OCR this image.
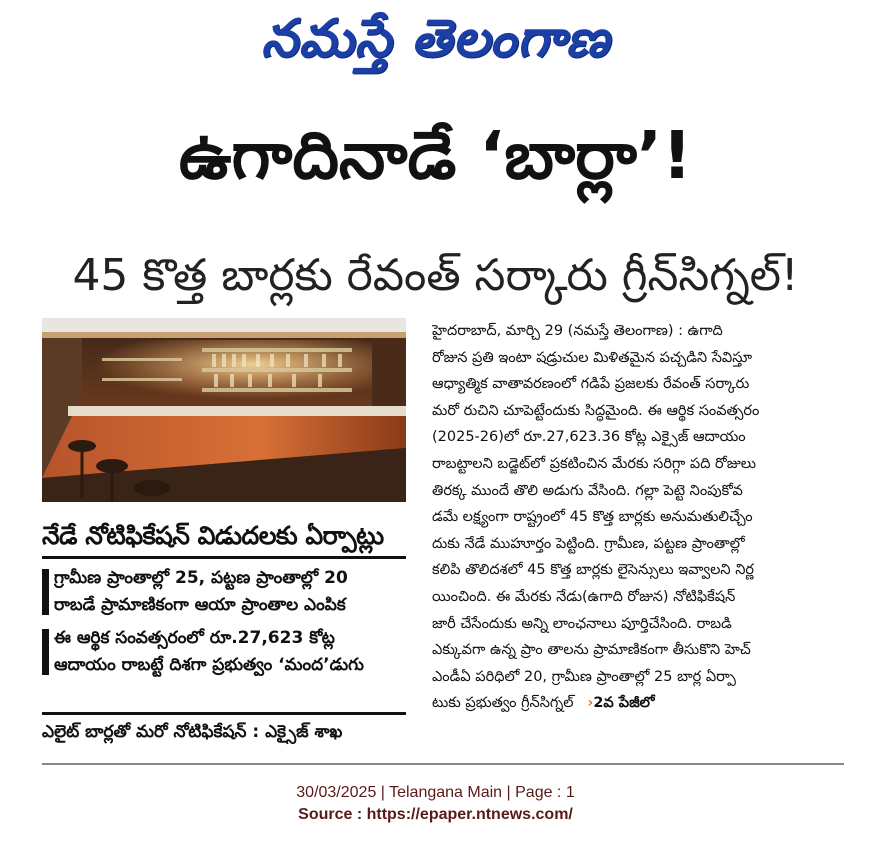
నమస్తే తెలంగాణ
ఉగాదినాడే ‘బార్లా’!
45 కొత్త బార్లకు రేవంత్ సర్కారు గ్రీన్‌సిగ్నల్!
నేడే నోటిఫికేషన్ విడుదలకు ఏర్పాట్లు
గ్రామీణ ప్రాంతాల్లో 25, పట్టణ ప్రాంతాల్లో 20
రాబడే ప్రామాణికంగా ఆయా ప్రాంతాల ఎంపిక
ఈ ఆర్థిక సంవత్సరంలో రూ.27,623 కోట్ల
ఆదాయం రాబట్టే దిశగా ప్రభుత్వం ‘మంద’డుగు
ఎలైట్ బార్లతో మరో నోటిఫికేషన్ : ఎక్సైజ్ శాఖ
హైదరాబాద్, మార్చి 29 (నమస్తే తెలంగాణ) : ఉగాది
రోజున ప్రతి ఇంటా షడ్రుచుల మిళితమైన పచ్చడిని సేవిస్తూ
ఆధ్యాత్మిక వాతావరణంలో గడిపే ప్రజలకు రేవంత్ సర్కారు
మరో రుచిని చూపెట్టేందుకు సిద్ధమైంది. ఈ ఆర్థిక సంవత్సరం
(2025-26)లో రూ.27,623.36 కోట్ల ఎక్సైజ్ ఆదాయం
రాబట్టాలని బడ్జెట్‌లో ప్రకటించిన మేరకు సరిగ్గా పది రోజులు
తిరక్క ముందే తొలి అడుగు వేసింది. గల్లా పెట్టె నింపుకోవ
డమే లక్ష్యంగా రాష్ట్రంలో 45 కొత్త బార్లకు అనుమతులిచ్చేం
దుకు నేడే ముహూర్తం పెట్టింది. గ్రామీణ, పట్టణ ప్రాంతాల్లో
కలిపి తొలిదశలో 45 కొత్త బార్లకు లైసెన్సులు ఇవ్వాలని నిర్ణ
యించింది. ఈ మేరకు నేడు(ఉగాది రోజున) నోటిఫికేషన్
జారీ చేసేందుకు అన్ని లాంఛనాలు పూర్తిచేసింది. రాబడి
ఎక్కువగా ఉన్న ప్రాం తాలను ప్రామాణికంగా తీసుకొని హెచ్
ఎండీఏ పరిధిలో 20, గ్రామీణ ప్రాంతాల్లో 25 బార్ల ఏర్పా
టుకు ప్రభుత్వం గ్రీన్‌సిగ్నల్ ›2వ పేజీలో
30/03/2025 | Telangana Main | Page : 1
Source : https://epaper.ntnews.com/
